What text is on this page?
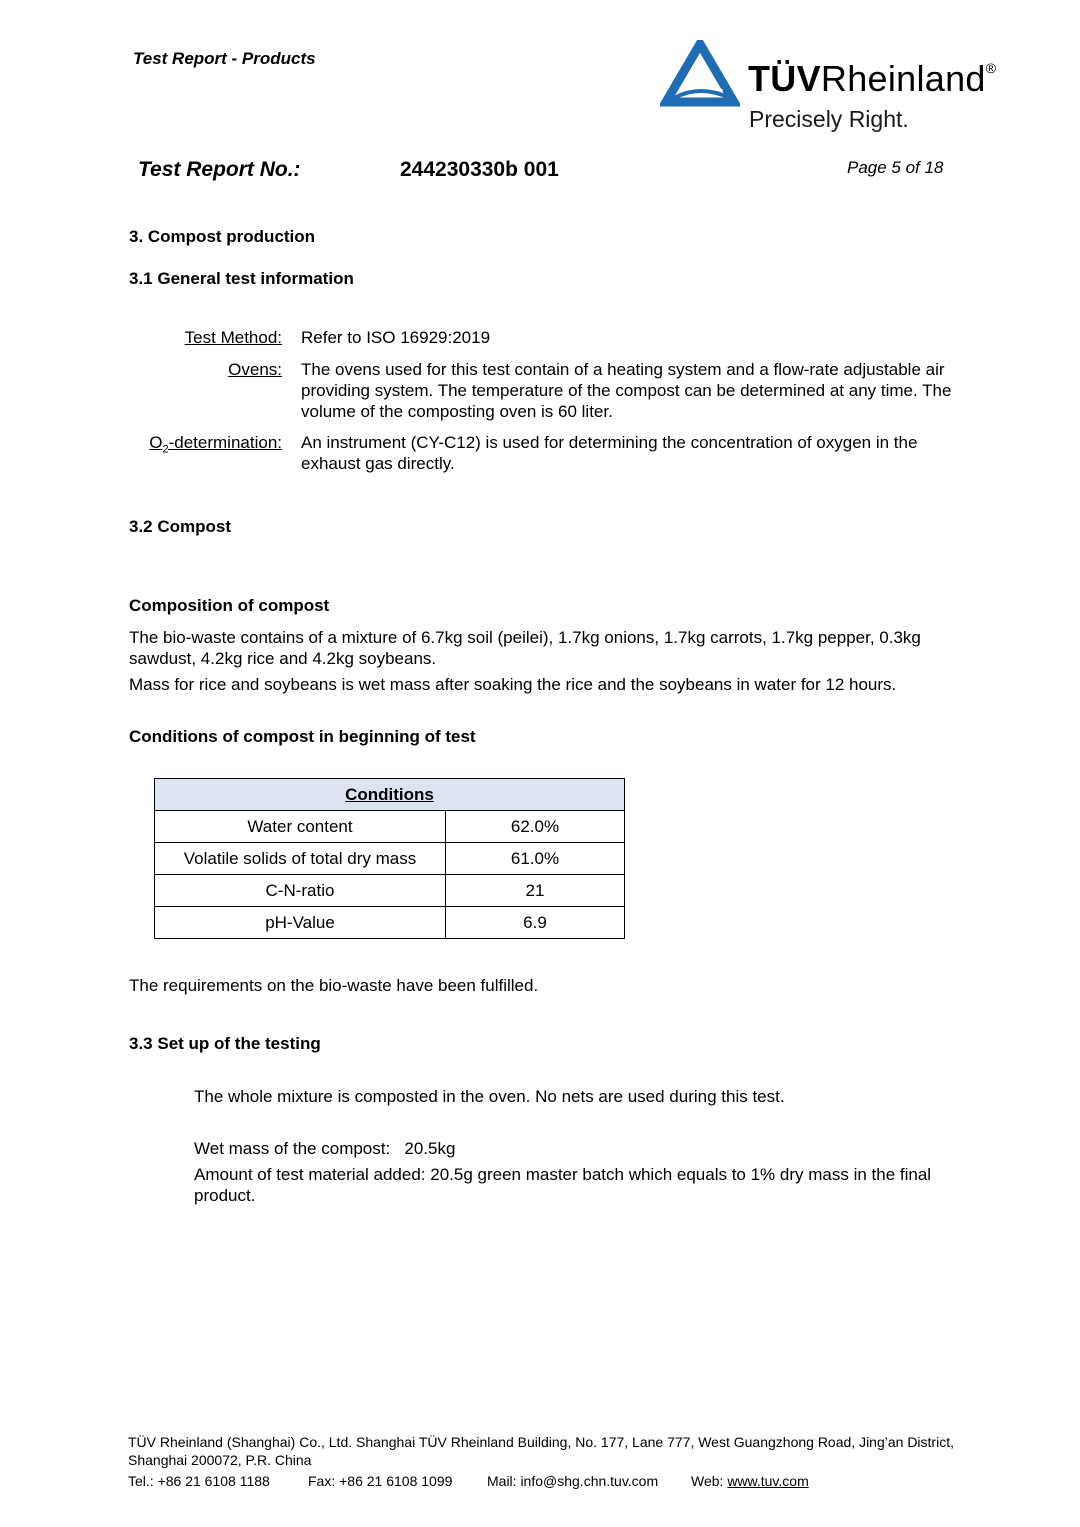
Test Report - Products	TÜVRheinland®
Precisely Right.
Test Report No.:	244230330b 001	Page 5 of 18
3. Compost production
3.1 General test information
Test Method: Refer to ISO 16929:2019
Ovens: The ovens used for this test contain of a heating system and a flow-rate adjustable air providing system. The temperature of the compost can be determined at any time. The volume of the composting oven is 60 liter.
$O_2$-determination: An instrument (CY-C12) is used for determining the concentration of oxygen in the exhaust gas directly.
3.2 Compost
Composition of compost
The bio-waste contains of a mixture of 6.7kg soil (peilei), 1.7kg onions, 1.7kg carrots, 1.7kg pepper, 0.3kg sawdust, 4.2kg rice and 4.2kg soybeans.
Mass for rice and soybeans is wet mass after soaking the rice and the soybeans in water for 12 hours.
Conditions of compost in beginning of test
Conditions	
Water content	62.0%
Volatile solids of total dry mass	61.0%
C-N-ratio	21
pH-Value	6.9
The requirements on the bio-waste have been fulfilled.
3.3 Set up of the testing
The whole mixture is composted in the oven. No nets are used during this test.
Wet mass of the compost:   20.5kg
Amount of test material added: 20.5g green master batch which equals to 1% dry mass in the final product.
TÜV Rheinland (Shanghai) Co., Ltd. Shanghai TÜV Rheinland Building, No. 177, Lane 777, West Guangzhong Road, Jing’an District, Shanghai 200072, P.R. China
Tel.: +86 21 6108 1188	Fax: +86 21 6108 1099 Mail: info@shg.chn.tuv.com Web: www.tuv.com
